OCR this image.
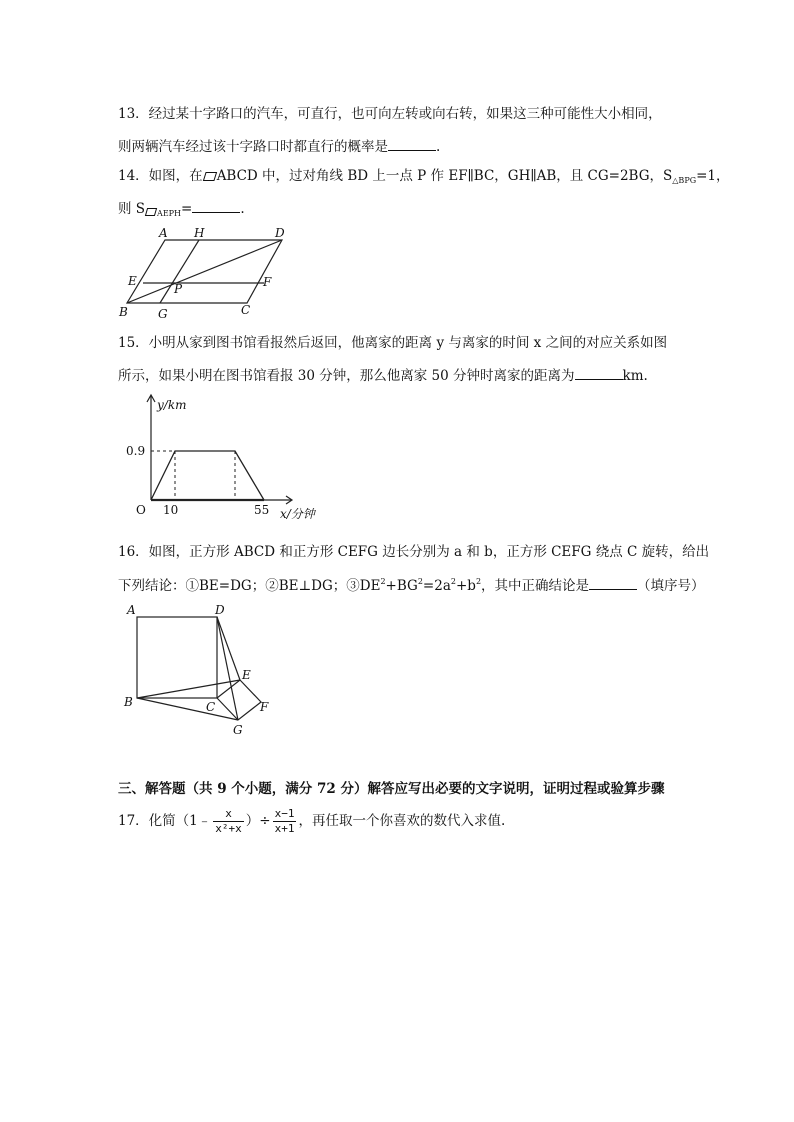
13．经过某十字路口的汽车，可直行，也可向左转或向右转，如果这三种可能性大小相同，
则两辆汽车经过该十字路口时都直行的概率是	.
14．如图，在 ABCD 中，过对角线 BD 上一点 P 作 EF∥BC，GH∥AB，且 CG=2BG，$S_{\triangle BPG}=1$，
则 S $_{AEPH}$=	.
A H	D
E
P	F
B	G	C
15．小明从家到图书馆看报然后返回，他离家的距离 y 与离家的时间 x 之间的对应关系如图
所示，如果小明在图书馆看报 30 分钟，那么他离家 50 分钟时离家的距离为	km.
y/km
x/分钟
O
0.9
10	55
16．如图，正方形 ABCD 和正方形 CEFG 边长分别为 a 和 b，正方形 CEFG 绕点 C 旋转，给出
下列结论：①BE=DG；②BE⊥DG；$③DE^2+BG^2=2a^2+b^2$，其中正确结论是	（填序号）
A	D
E
B	C	F
G
三、解答题（共 9 个小题，满分 72 分）解答应写出必要的文字说明，证明过程或验算步骤
17．化简（1﹣ $\frac{x}{\text{x²+x}}$ ）÷ $\frac{x-1}{x+1}$ ，再任取一个你喜欢的数代入求值.
